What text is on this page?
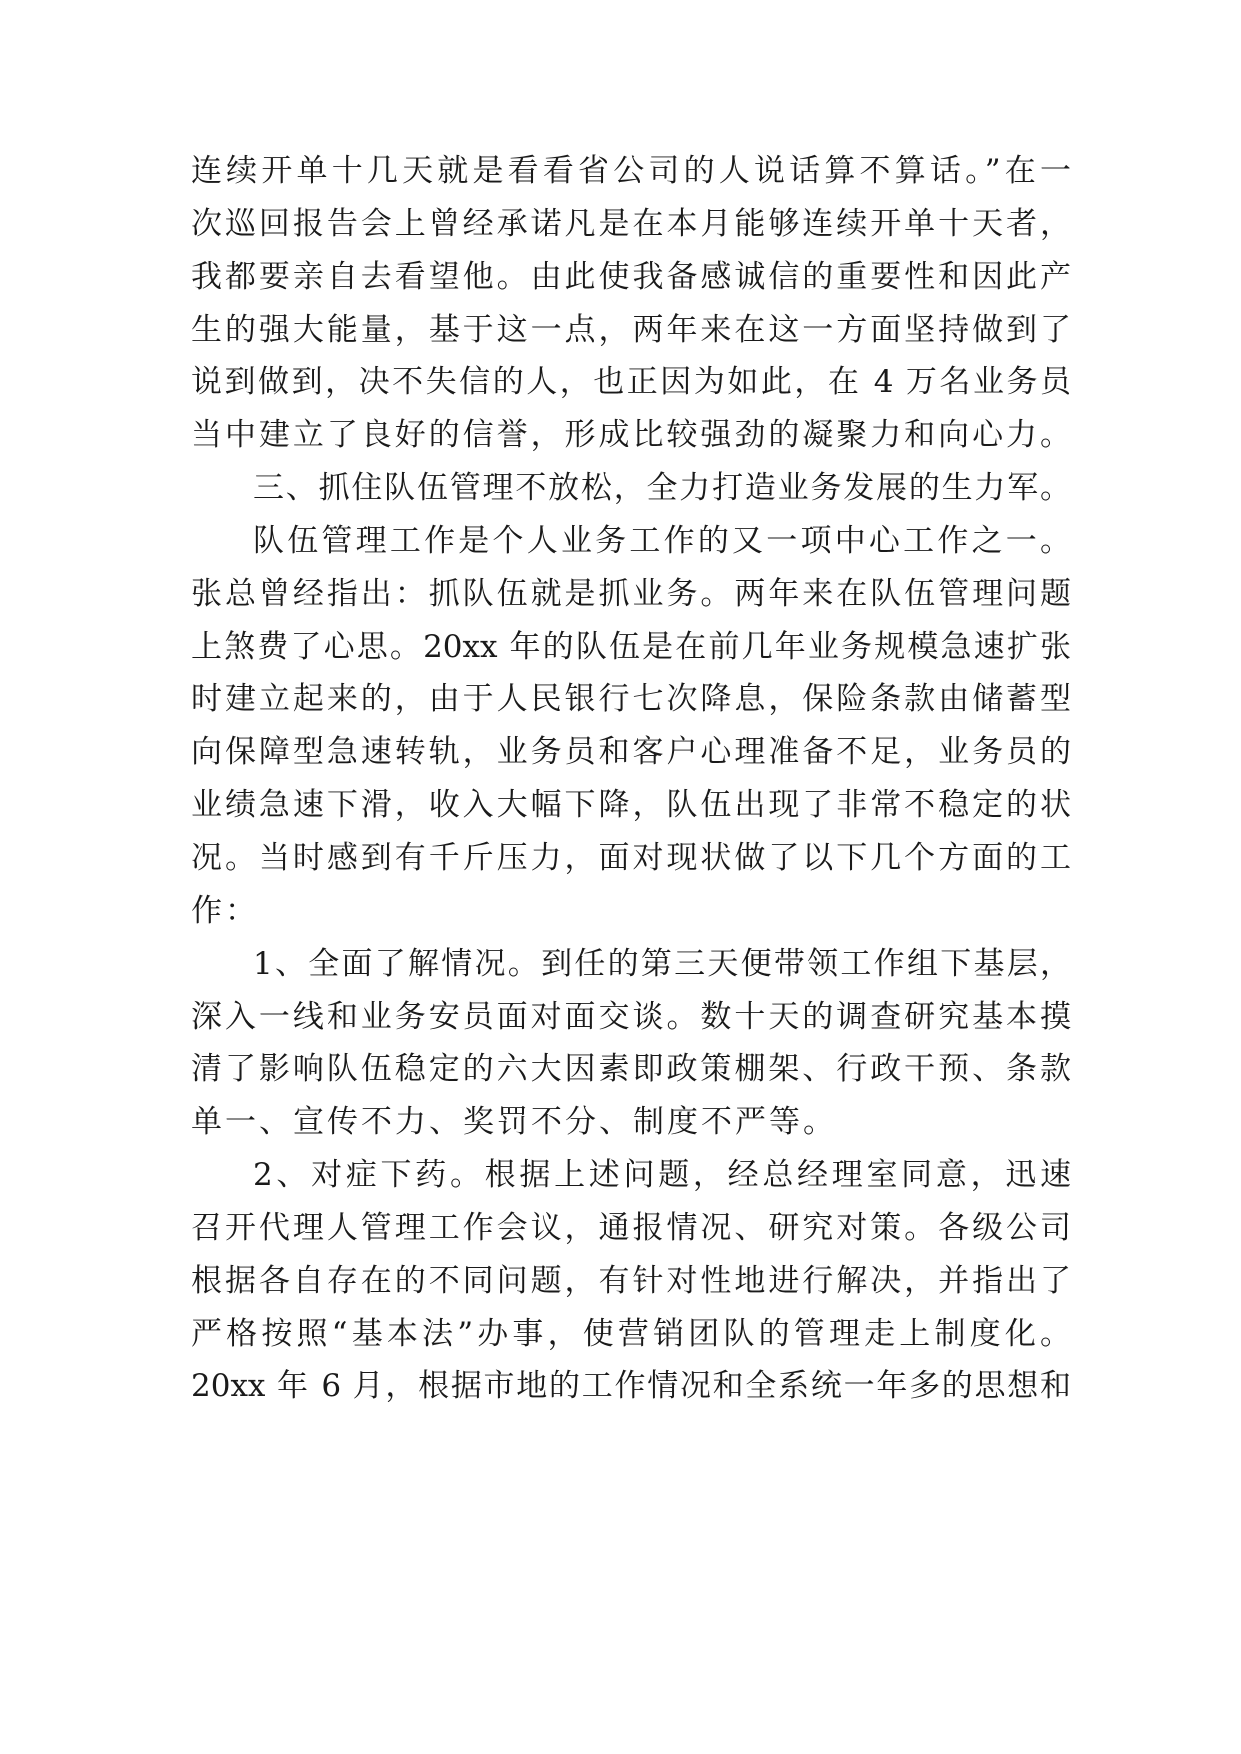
连续开单十几天就是看看省公司的人说话算不算话。”在一
次巡回报告会上曾经承诺凡是在本月能够连续开单十天者，
我都要亲自去看望他。由此使我备感诚信的重要性和因此产
生的强大能量，基于这一点，两年来在这一方面坚持做到了
说到做到，决不失信的人，也正因为如此，在 4 万名业务员
当中建立了良好的信誉，形成比较强劲的凝聚力和向心力。
三、抓住队伍管理不放松，全力打造业务发展的生力军。
队伍管理工作是个人业务工作的又一项中心工作之一。
张总曾经指出：抓队伍就是抓业务。两年来在队伍管理问题
上煞费了心思。20xx 年的队伍是在前几年业务规模急速扩张
时建立起来的，由于人民银行七次降息，保险条款由储蓄型
向保障型急速转轨，业务员和客户心理准备不足，业务员的
业绩急速下滑，收入大幅下降，队伍出现了非常不稳定的状
况。当时感到有千斤压力，面对现状做了以下几个方面的工
作：
1、全面了解情况。到任的第三天便带领工作组下基层，
深入一线和业务安员面对面交谈。数十天的调查研究基本摸
清了影响队伍稳定的六大因素即政策棚架、行政干预、条款
单一、宣传不力、奖罚不分、制度不严等。
2、对症下药。根据上述问题，经总经理室同意，迅速
召开代理人管理工作会议，通报情况、研究对策。各级公司
根据各自存在的不同问题，有针对性地进行解决，并指出了
严格按照“基本法”办事，使营销团队的管理走上制度化。
20xx 年 6 月，根据市地的工作情况和全系统一年多的思想和
